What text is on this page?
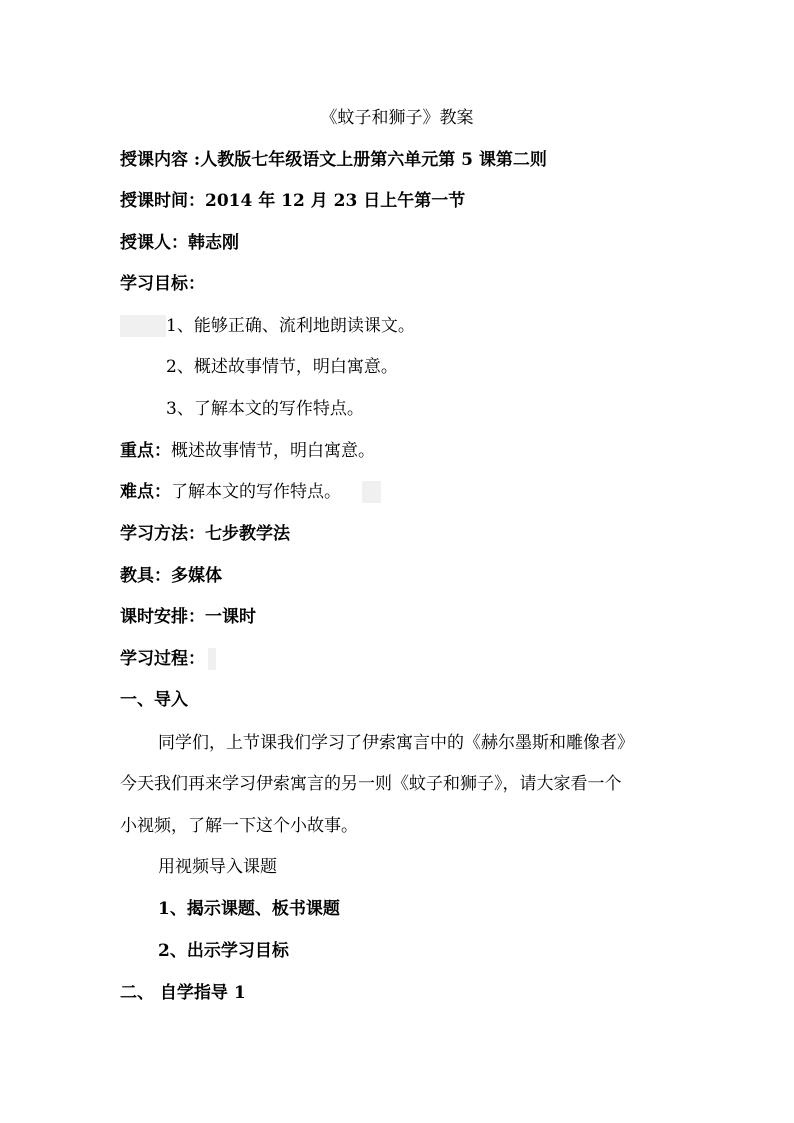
《蚊子和狮子》教案
授课内容 :人教版七年级语文上册第六单元第 5 课第二则
授课时间：2014 年 12 月 23 日上午第一节
授课人：韩志刚
学习目标：
1、能够正确、流利地朗读课文。
2、概述故事情节，明白寓意。
3、了解本文的写作特点。
重点：概述故事情节，明白寓意。
难点：了解本文的写作特点。
学习方法：七步教学法
教具：多媒体
课时安排：一课时
学习过程：
一、导入
同学们，上节课我们学习了伊索寓言中的《赫尔墨斯和雕像者》
今天我们再来学习伊索寓言的另一则《蚊子和狮子》，请大家看一个
小视频，了解一下这个小故事。
用视频导入课题
1、揭示课题、板书课题
2、出示学习目标
二、 自学指导 1
